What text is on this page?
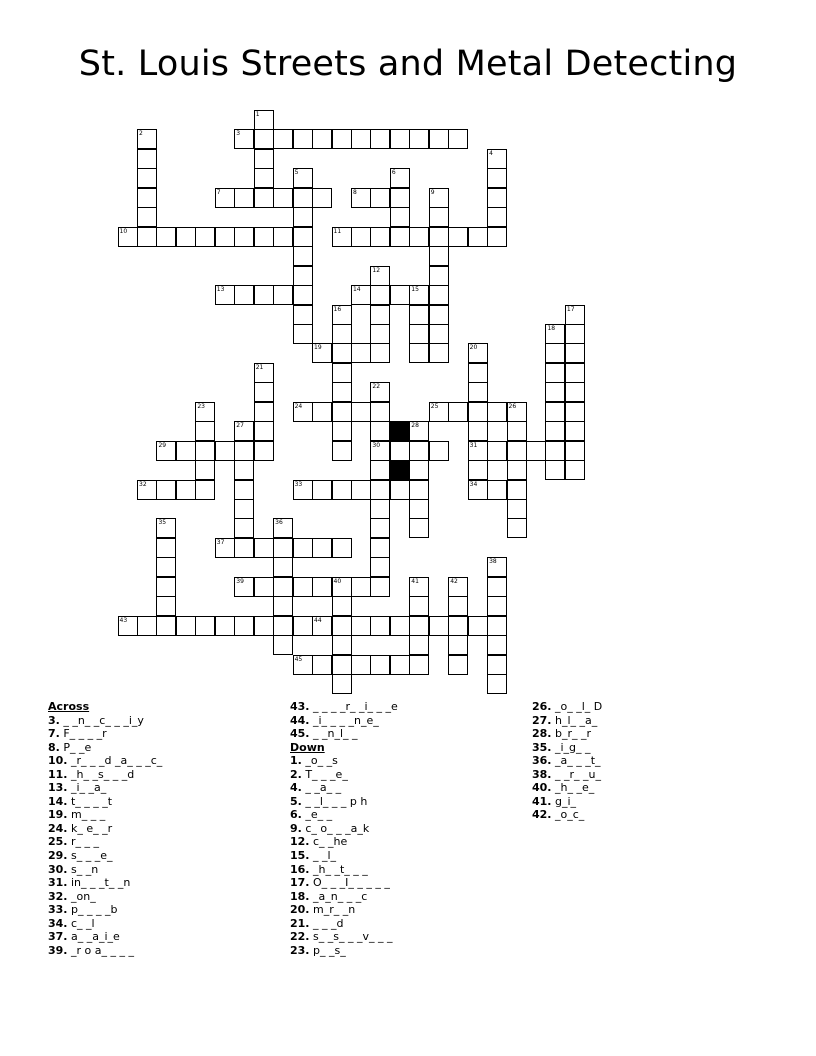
St. Louis Streets and Metal Detecting
1
2	3
4
5	6
7	8	9
10	11
12
13	14	15
16	17
18
19	20
21
22
23	24	25	26
27	28
29	30	31
32	33	34
35	36
37
38
39	40	41	42
43	44
45
Across
3. _ _n_ _c_ _ _i_y
7. F_ _ _ _r
8. P_ _e
10. _r_ _ _d _a_ _ _c_
11. _h_ _s_ _ _d
13. _i_ _a_
14. t_ _ _ _t
19. m_ _ _
24. k_ e_ _r
25. r_ _ _
29. s_ _ _e_
30. s_ _n
31. in_ _ _t_ _n
32. _on_
33. p_ _ _ _b
34. c_ _l
37. a_ _a_i_e
39. _r o a_ _ _ _
43. _ _ _ _r_ _i_ _ _e
44. _i_ _ _ _n_e_
45. _ _n_l_ _
Down
1. _o_ _s
2. T_ _ _e_
4. _ _a_ _
5. _ _l_ _ _ p h
6. _e_ _
9. c_ o_ _ _a_k
12. c_ _he
15. _ _l_
16. _h_ _t_ _ _
17. O_ _ _I_ _ _ _ _
18. _a_n_ _ _c
20. m_r_ _n
21. _ _ _d
22. s_ _s_ _ _v_ _ _
23. p_ _s_
26. _o_ _l_ D
27. h_l_ _a_
28. b_r_ _r
35. _i_g_ _
36. _a_ _ _t_
38. _ _r_ _u_
40. _h_ _e_
41. g_i_
42. _o_c_
